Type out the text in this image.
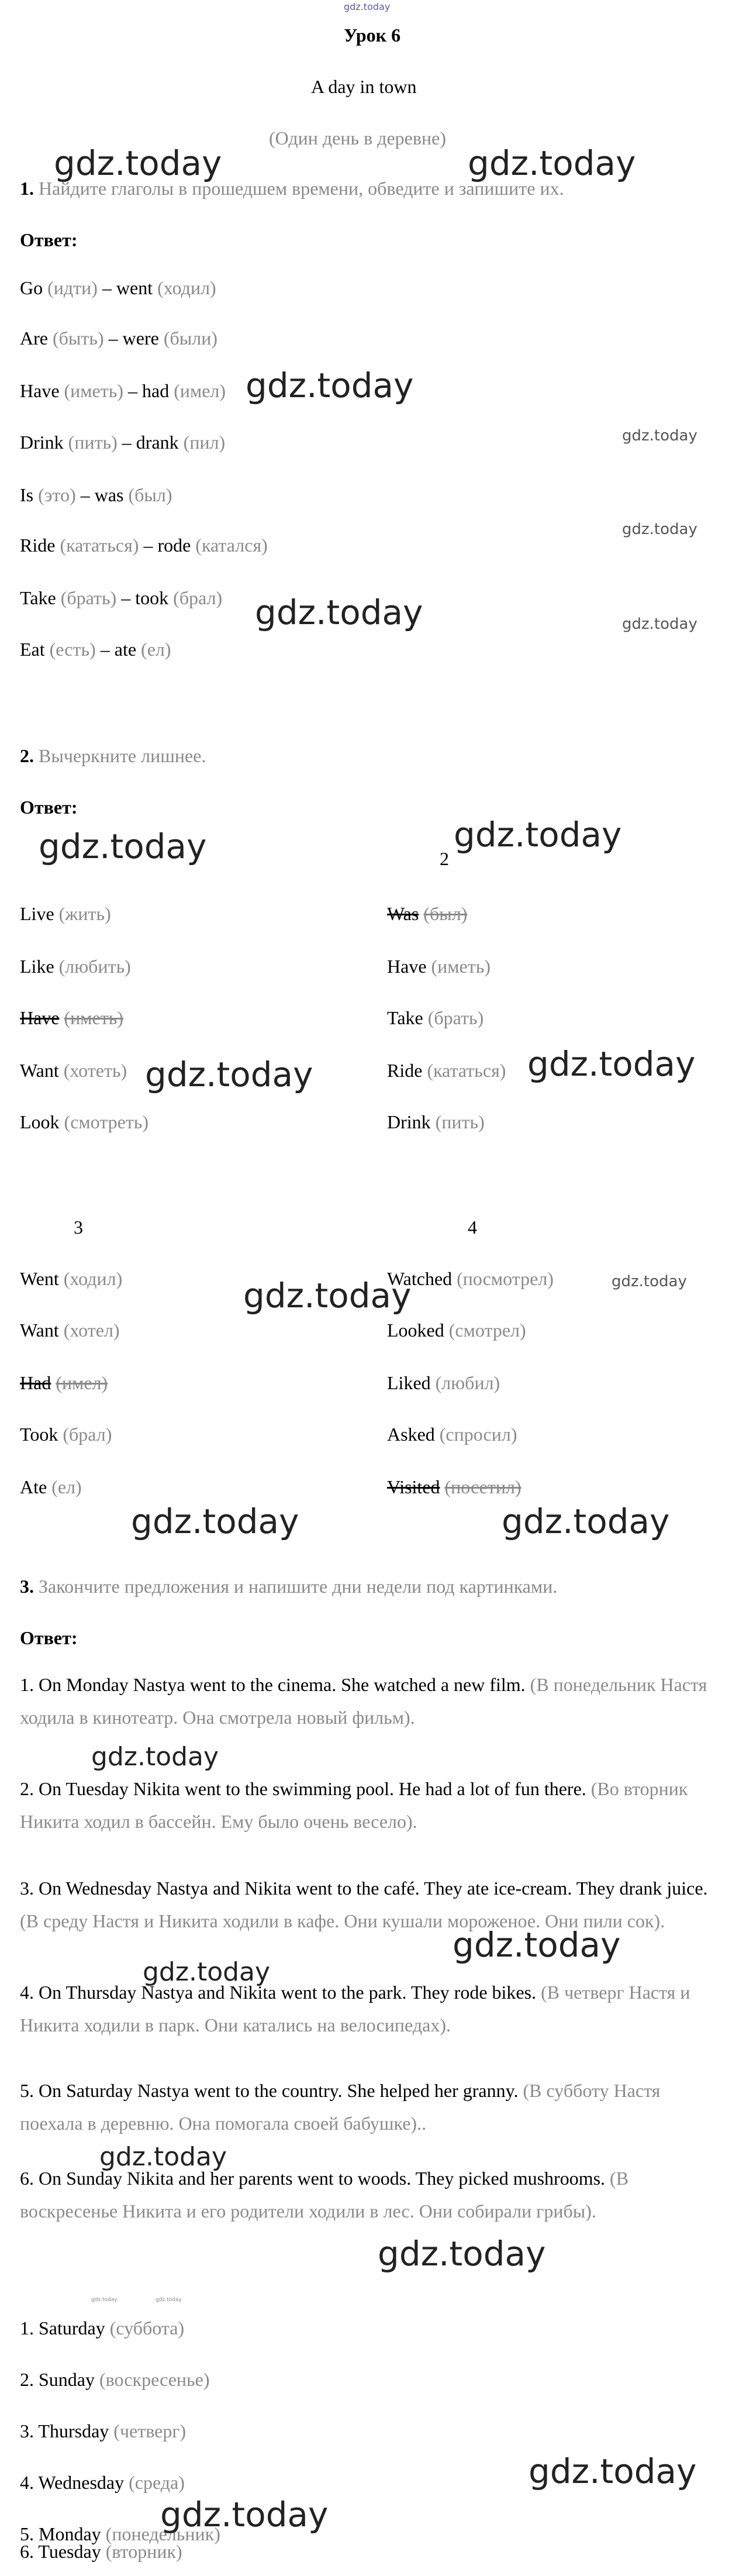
gdz.today
Урок 6
A day in town
(Один день в деревне)
1. Найдите глаголы в прошедшем времени, обведите и запишите их.
Ответ:
Go (идти) – went (ходил)
Are (быть) – were (были)
Have (иметь) – had (имел)
Drink (пить) – drank (пил)
Is (это) – was (был)
Ride (кататься) – rode (катался)
Take (брать) – took (брал)
Eat (есть) – ate (ел)
2. Вычеркните лишнее.
Ответ:
2
3	4
Live (жить)
Like (любить)
Have (иметь)
Want (хотеть)
Look (смотреть)
Was (был)
Have (иметь)
Take (брать)
Ride (кататься)
Drink (пить)
Went (ходил)
Want (хотел)
Had (имел)
Took (брал)
Ate (ел)
Watched (посмотрел)
Looked (смотрел)
Liked (любил)
Asked (спросил)
Visited (посетил)
3. Закончите предложения и напишите дни недели под картинками.
Ответ:
1. On Monday Nastya went to the cinema. She watched a new film. (В понедельник Настя ходила в кинотеатр. Она смотрела новый фильм).
2. On Tuesday Nikita went to the swimming pool. He had a lot of fun there. (Во вторник Никита ходил в бассейн. Ему было очень весело).
3. On Wednesday Nastya and Nikita went to the café. They ate ice-cream. They drank juice. (В среду Настя и Никита ходили в кафе. Они кушали мороженое. Они пили сок).
4. On Thursday Nastya and Nikita went to the park. They rode bikes. (В четверг Настя и Никита ходили в парк. Они катались на велосипедах).
5. On Saturday Nastya went to the country. She helped her granny. (В субботу Настя поехала в деревню. Она помогала своей бабушке)..
6. On Sunday Nikita and her parents went to woods. They picked mushrooms. (В воскресенье Никита и его родители ходили в лес. Они собирали грибы).
1. Saturday (суббота)
2. Sunday (воскресенье)
3. Thursday (четверг)
4. Wednesday (среда)
5. Monday (понедельник)
6. Tuesday (вторник)
gdz.today	gdz.today
gdz.today
gdz.today
gdz.today
gdz.today	gdz.today
gdz.today	gdz.today
gdz.today	gdz.today
gdz.today	gdz.today
gdz.today	gdz.today
gdz.today
gdz.today
gdz.today
gdz.today
gdz.today
gdz.today	gdz.today
gdz.today
gdz.today
